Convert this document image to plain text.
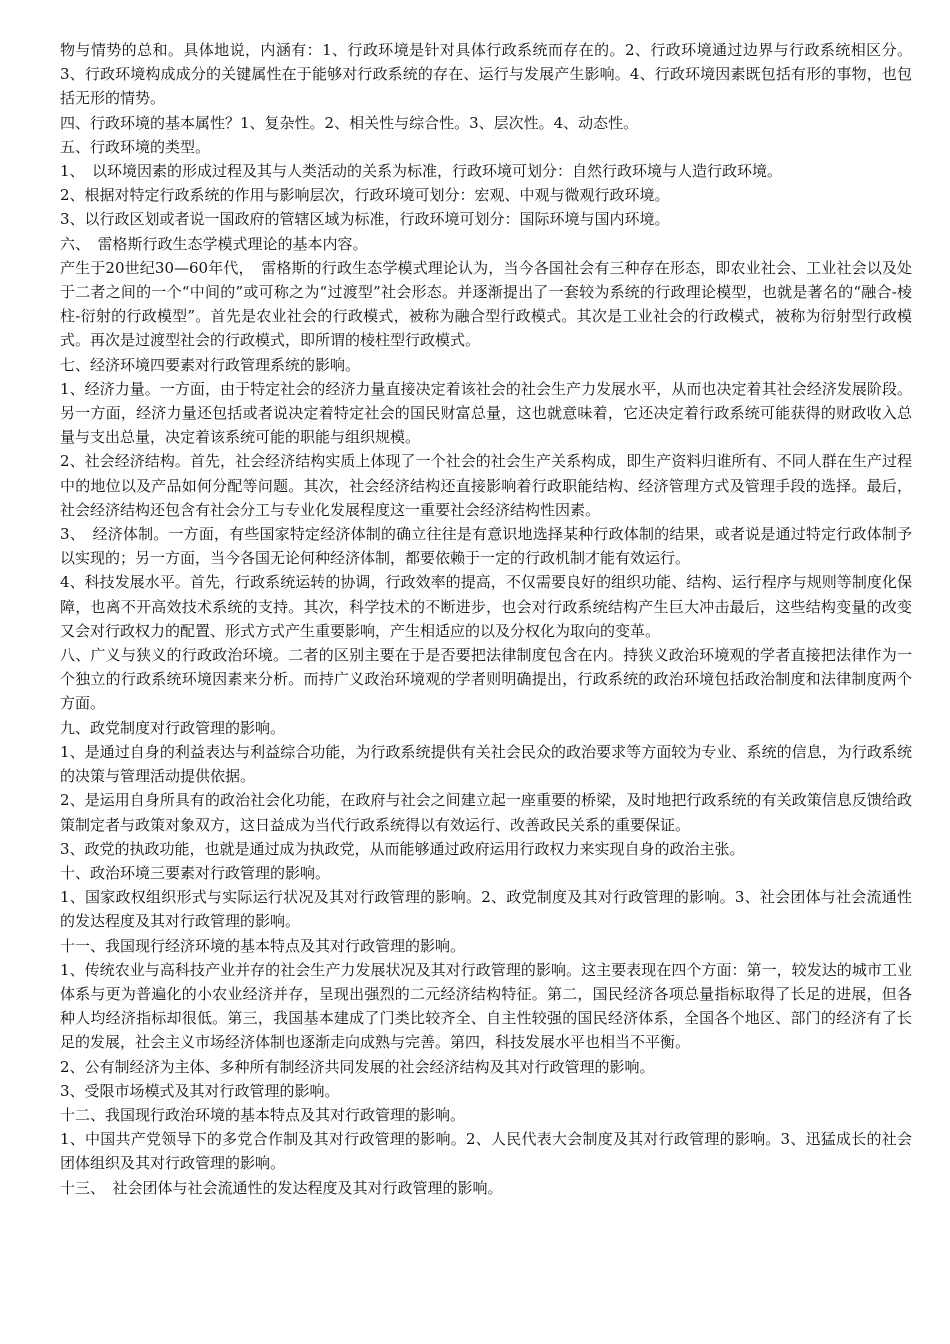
物与情势的总和。具体地说，内涵有：1、行政环境是针对具体行政系统而存在的。2、行政环境通过边界与行政系统相区分。3、行政环境构成成分的关键属性在于能够对行政系统的存在、运行与发展产生影响。4、行政环境因素既包括有形的事物，也包括无形的情势。

四、行政环境的基本属性？1、复杂性。2、相关性与综合性。3、层次性。4、动态性。

五、行政环境的类型。

1、　以环境因素的形成过程及其与人类活动的关系为标准，行政环境可划分：自然行政环境与人造行政环境。

2、根据对特定行政系统的作用与影响层次，行政环境可划分：宏观、中观与微观行政环境。

3、以行政区划或者说一国政府的管辖区域为标准，行政环境可划分：国际环境与国内环境。

六、　雷格斯行政生态学模式理论的基本内容。

产生于20世纪30—60年代，　雷格斯的行政生态学模式理论认为，当今各国社会有三种存在形态，即农业社会、工业社会以及处于二者之间的一个“中间的”或可称之为“过渡型”社会形态。并逐渐提出了一套较为系统的行政理论模型，也就是著名的“融合-棱柱-衍射的行政模型”。首先是农业社会的行政模式，被称为融合型行政模式。其次是工业社会的行政模式，被称为衍射型行政模式。再次是过渡型社会的行政模式，即所谓的棱柱型行政模式。

七、经济环境四要素对行政管理系统的影响。

1、经济力量。一方面，由于特定社会的经济力量直接决定着该社会的社会生产力发展水平，从而也决定着其社会经济发展阶段。另一方面，经济力量还包括或者说决定着特定社会的国民财富总量，这也就意味着，它还决定着行政系统可能获得的财政收入总量与支出总量，决定着该系统可能的职能与组织规模。

2、社会经济结构。首先，社会经济结构实质上体现了一个社会的社会生产关系构成，即生产资料归谁所有、不同人群在生产过程中的地位以及产品如何分配等问题。其次，社会经济结构还直接影响着行政职能结构、经济管理方式及管理手段的选择。最后，社会经济结构还包含有社会分工与专业化发展程度这一重要社会经济结构性因素。

3、　经济体制。一方面，有些国家特定经济体制的确立往往是有意识地选择某种行政体制的结果，或者说是通过特定行政体制予以实现的；另一方面，当今各国无论何种经济体制，都要依赖于一定的行政机制才能有效运行。

4、科技发展水平。首先，行政系统运转的协调，行政效率的提高，不仅需要良好的组织功能、结构、运行程序与规则等制度化保障，也离不开高效技术系统的支持。其次，科学技术的不断进步，也会对行政系统结构产生巨大冲击最后，这些结构变量的改变又会对行政权力的配置、形式方式产生重要影响，产生相适应的以及分权化为取向的变革。

八、广义与狭义的行政政治环境。二者的区别主要在于是否要把法律制度包含在内。持狭义政治环境观的学者直接把法律作为一个独立的行政系统环境因素来分析。而持广义政治环境观的学者则明确提出，行政系统的政治环境包括政治制度和法律制度两个方面。

九、政党制度对行政管理的影响。

1、是通过自身的利益表达与利益综合功能，为行政系统提供有关社会民众的政治要求等方面较为专业、系统的信息，为行政系统的决策与管理活动提供依据。

2、是运用自身所具有的政治社会化功能，在政府与社会之间建立起一座重要的桥梁，及时地把行政系统的有关政策信息反馈给政策制定者与政策对象双方，这日益成为当代行政系统得以有效运行、改善政民关系的重要保证。

3、政党的执政功能，也就是通过成为执政党，从而能够通过政府运用行政权力来实现自身的政治主张。

十、政治环境三要素对行政管理的影响。

1、国家政权组织形式与实际运行状况及其对行政管理的影响。2、政党制度及其对行政管理的影响。3、社会团体与社会流通性的发达程度及其对行政管理的影响。

十一、我国现行经济环境的基本特点及其对行政管理的影响。

1、传统农业与高科技产业并存的社会生产力发展状况及其对行政管理的影响。这主要表现在四个方面：第一，较发达的城市工业体系与更为普遍化的小农业经济并存，呈现出强烈的二元经济结构特征。第二，国民经济各项总量指标取得了长足的进展，但各种人均经济指标却很低。第三，我国基本建成了门类比较齐全、自主性较强的国民经济体系，全国各个地区、部门的经济有了长足的发展，社会主义市场经济体制也逐渐走向成熟与完善。第四，科技发展水平也相当不平衡。

2、公有制经济为主体、多种所有制经济共同发展的社会经济结构及其对行政管理的影响。

3、受限市场模式及其对行政管理的影响。

十二、我国现行政治环境的基本特点及其对行政管理的影响。

1、中国共产党领导下的多党合作制及其对行政管理的影响。2、人民代表大会制度及其对行政管理的影响。3、迅猛成长的社会团体组织及其对行政管理的影响。

十三、　社会团体与社会流通性的发达程度及其对行政管理的影响。
